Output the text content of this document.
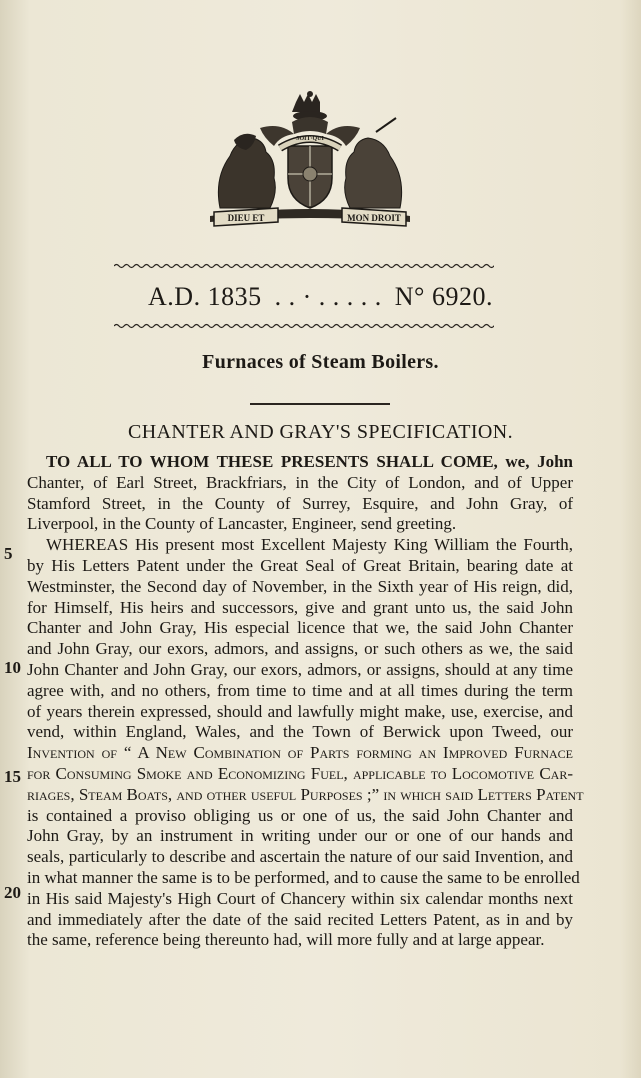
SOIT·QUI
DIEU ET	MON DROIT
A.D. 1835 . . · . . . . . N° 6920.
Furnaces of Steam Boilers.
CHANTER AND GRAY'S SPECIFICATION.
5
10
15
20
TO ALL TO WHOM THESE PRESENTS SHALL COME, we, John
Chanter, of Earl Street, Brackfriars, in the City of London, and of Upper
Stamford Street, in the County of Surrey, Esquire, and John Gray, of
Liverpool, in the County of Lancaster, Engineer, send greeting.
WHEREAS His present most Excellent Majesty King William the Fourth,
by His Letters Patent under the Great Seal of Great Britain, bearing date at
Westminster, the Second day of November, in the Sixth year of His reign, did,
for Himself, His heirs and successors, give and grant unto us, the said John
Chanter and John Gray, His especial licence that we, the said John Chanter
and John Gray, our exors, admors, and assigns, or such others as we, the said
John Chanter and John Gray, our exors, admors, or assigns, should at any time
agree with, and no others, from time to time and at all times during the term
of years therein expressed, should and lawfully might make, use, exercise, and
vend, within England, Wales, and the Town of Berwick upon Tweed, our
Invention of “ A New Combination of Parts forming an Improved Furnace
for Consuming Smoke and Economizing Fuel, applicable to Locomotive Car-
riages, Steam Boats, and other useful Purposes ;” in which said Letters Patent
is contained a proviso obliging us or one of us, the said John Chanter and
John Gray, by an instrument in writing under our or one of our hands and
seals, particularly to describe and ascertain the nature of our said Invention, and
in what manner the same is to be performed, and to cause the same to be enrolled
in His said Majesty's High Court of Chancery within six calendar months next
and immediately after the date of the said recited Letters Patent, as in and by
the same, reference being thereunto had, will more fully and at large appear.
